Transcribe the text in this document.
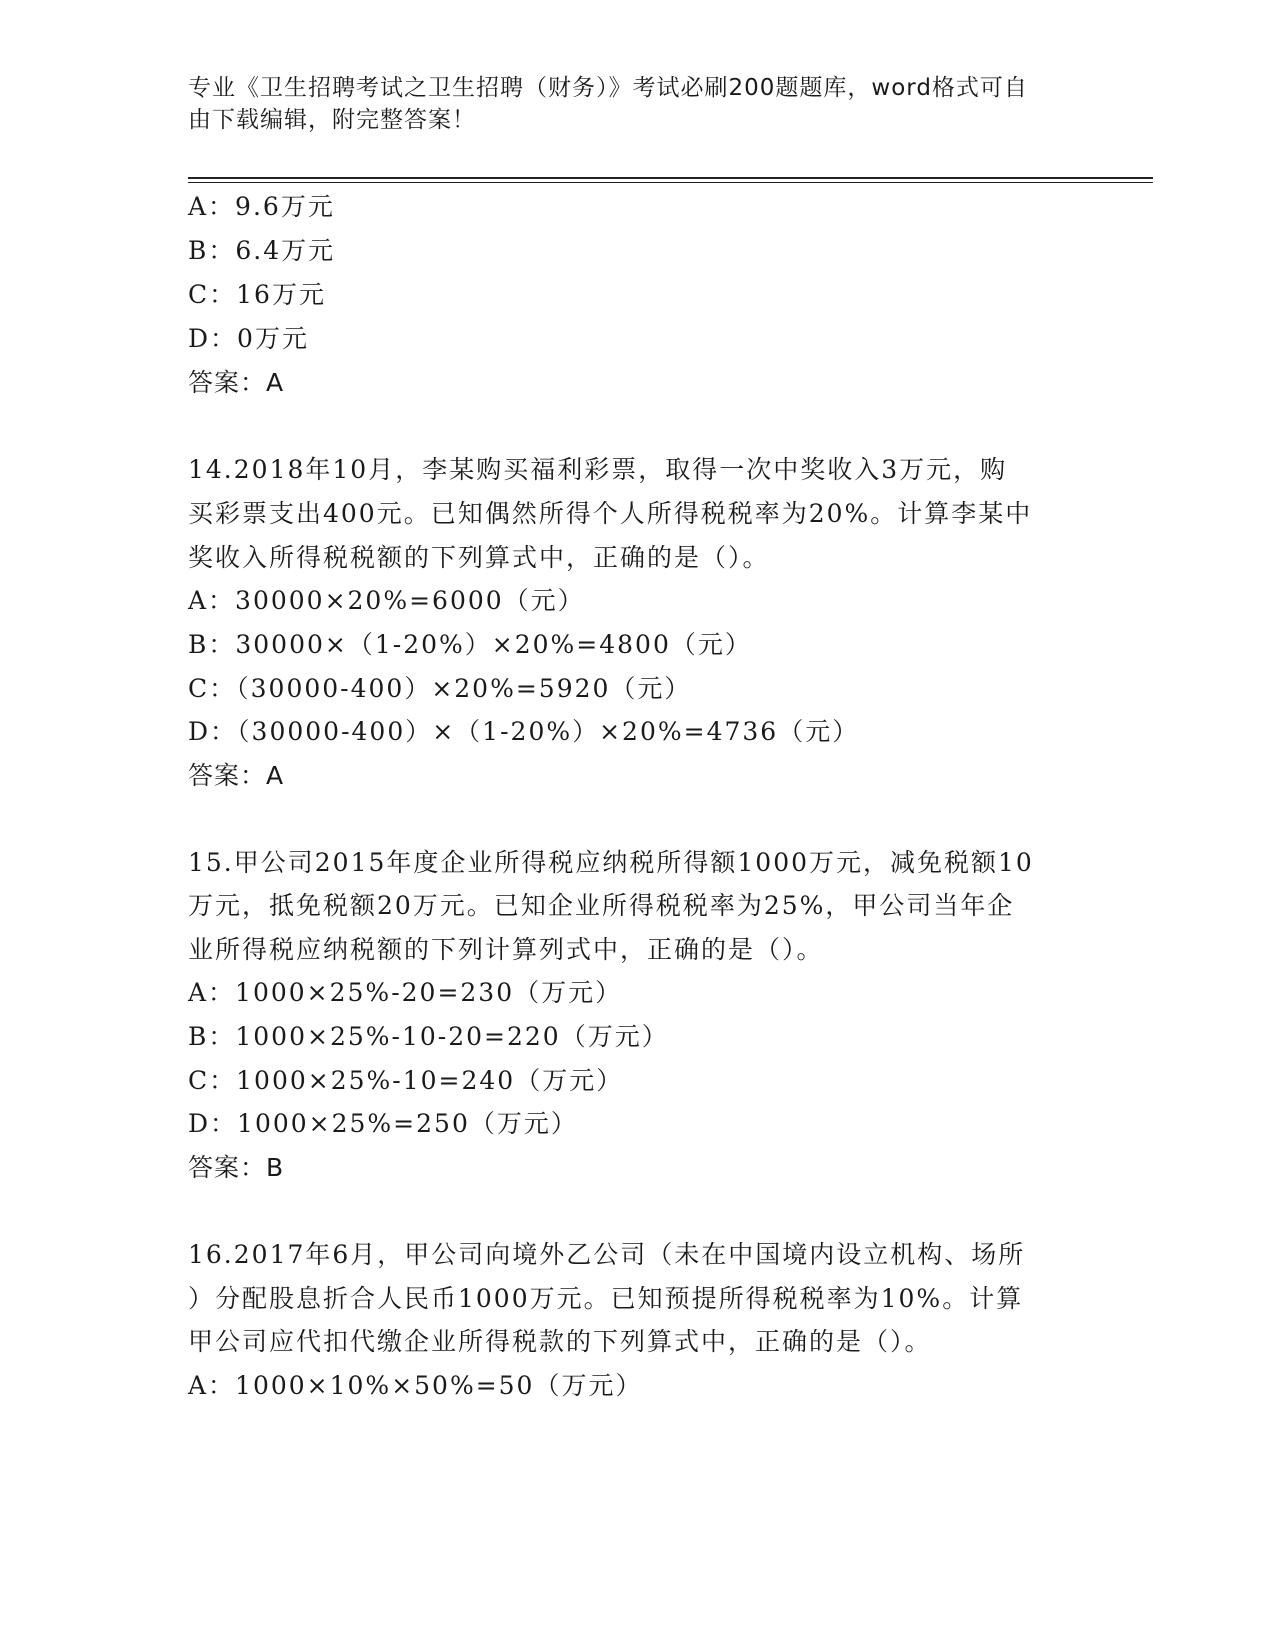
专业《卫生招聘考试之卫生招聘（财务）》考试必刷200题题库，word格式可自
由下载编辑，附完整答案！
A：9.6万元
B：6.4万元
C：16万元
D：0万元
答案：A
14.2018年10月，李某购买福利彩票，取得一次中奖收入3万元，购
买彩票支出400元。已知偶然所得个人所得税税率为20%。计算李某中
奖收入所得税税额的下列算式中，正确的是（）。
A：30000×20%=6000（元）
B：30000×（1-20%）×20%=4800（元）
C：（30000-400）×20%=5920（元）
D：（30000-400）×（1-20%）×20%=4736（元）
答案：A
15.甲公司2015年度企业所得税应纳税所得额1000万元，减免税额10
万元，抵免税额20万元。已知企业所得税税率为25%，甲公司当年企
业所得税应纳税额的下列计算列式中，正确的是（）。
A：1000×25%-20=230（万元）
B：1000×25%-10-20=220（万元）
C：1000×25%-10=240（万元）
D：1000×25%=250（万元）
答案：B
16.2017年6月，甲公司向境外乙公司（未在中国境内设立机构、场所
）分配股息折合人民币1000万元。已知预提所得税税率为10%。计算
甲公司应代扣代缴企业所得税款的下列算式中，正确的是（）。
A：1000×10%×50%=50（万元）
